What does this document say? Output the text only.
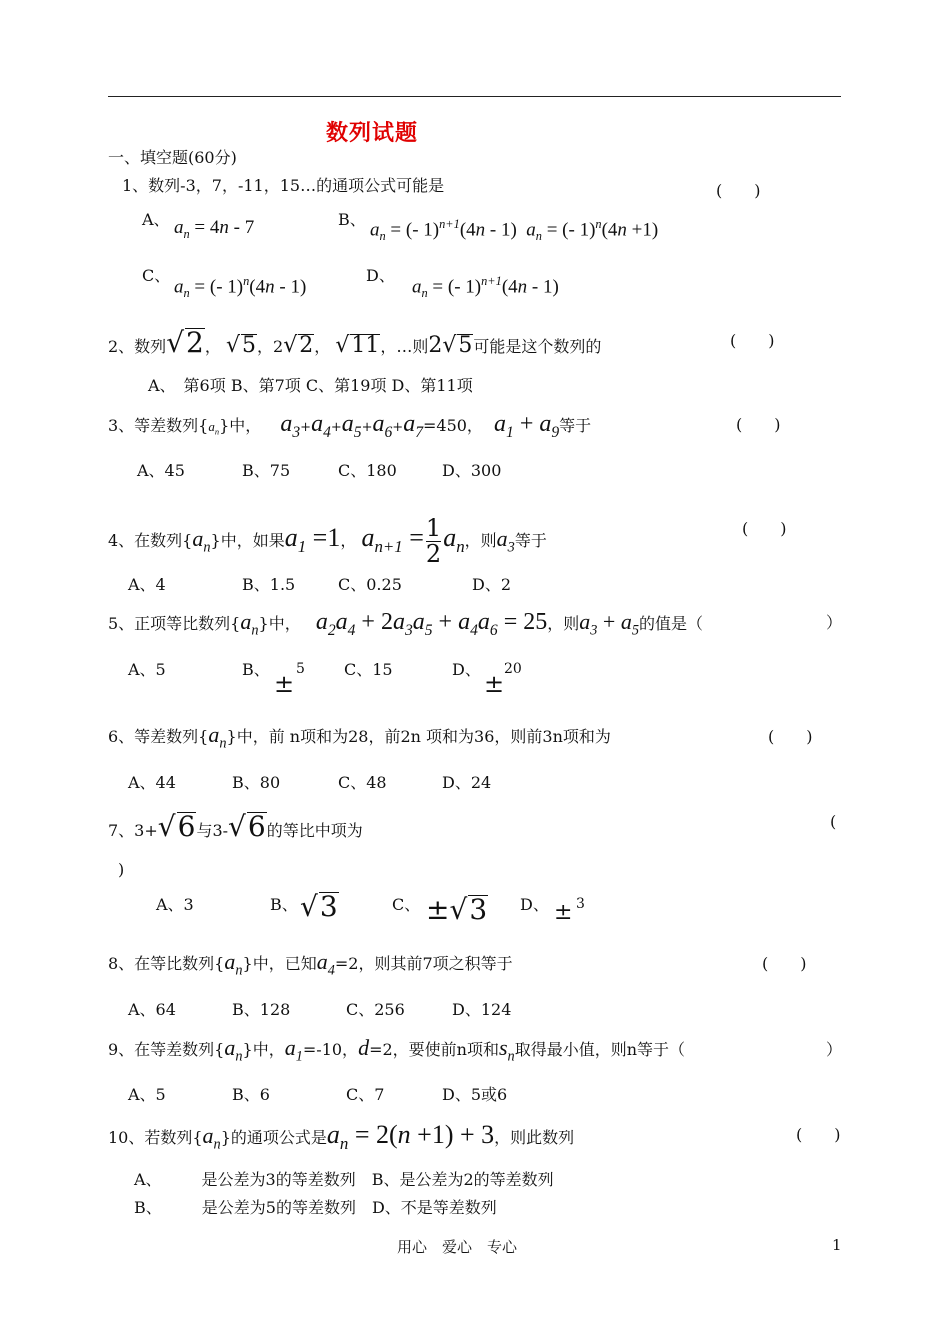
数列试题
一、填空题(60分)
1、数列-3，7，-11，15…的通项公式可能是	(　　)
A、 $a_n = 4n - 7$	B、 $a_n$ = (- 1)$^{n+1}$(4n - 1)  $a_n$ = (- 1)$^n$(4n +1)
C、
$a_n$ = (- 1)$^n$(4n - 1)
D、
$a_n$ = (- 1)$^{n+1}$(4n - 1)
2、数列√2， √5，2√2， √11，…则2√5可能是这个数列的	(　　)
A、　第6项 B、第7项 C、第19项 D、第11项
3、等差数列$\{a_n\}$中， $a_3+a_4+a_5+a_6+a_7=450$， $a_1 + a_9$等于	(　　)
A、45	B、75	C、180	D、300
4、在数列$\{a_n\}$中，如果$a_1 =1$， $a_{n+1} = \frac{1}{2} a_n$，则$a_3$等于
(　　)
A、4	B、1.5	C、0.25	D、2
5、正项等比数列$\{a_n\}$中， $a_2a_4 + 2a_3a_5 + a_4a_6 = 25$，则$a_3 + a_5$的值是（	）
A、5	B、
±
5 C、15	D、
±
20
6、等差数列$\{a_n\}$中，前 n项和为28，前2n 项和为36，则前3n项和为	(　　)
A、44	B、80	C、48	D、24
7、3+√6与3-√6的等比中项为	(
)
A、3	B、 √3	C、 ±√3 D、 ± 3
8、在等比数列$\{a_n\}$中，已知$a_4=2$，则其前7项之积等于	(　　)
A、64	B、128	C、256	D、124
9、在等差数列$\{a_n\}$中，$a_1=-10$，d=2，要使前n项和$s_n$取得最小值，则n等于（	）
A、5	B、6	C、7	D、5或6
10、若数列$\{a_n\}$的通项公式是$a_n = 2(n +1) + 3$，则此数列	(　　)
A、　　　是公差为3的等差数列　B、是公差为2的等差数列
B、　　　是公差为5的等差数列　D、不是等差数列
用心　爱心　专心	1
